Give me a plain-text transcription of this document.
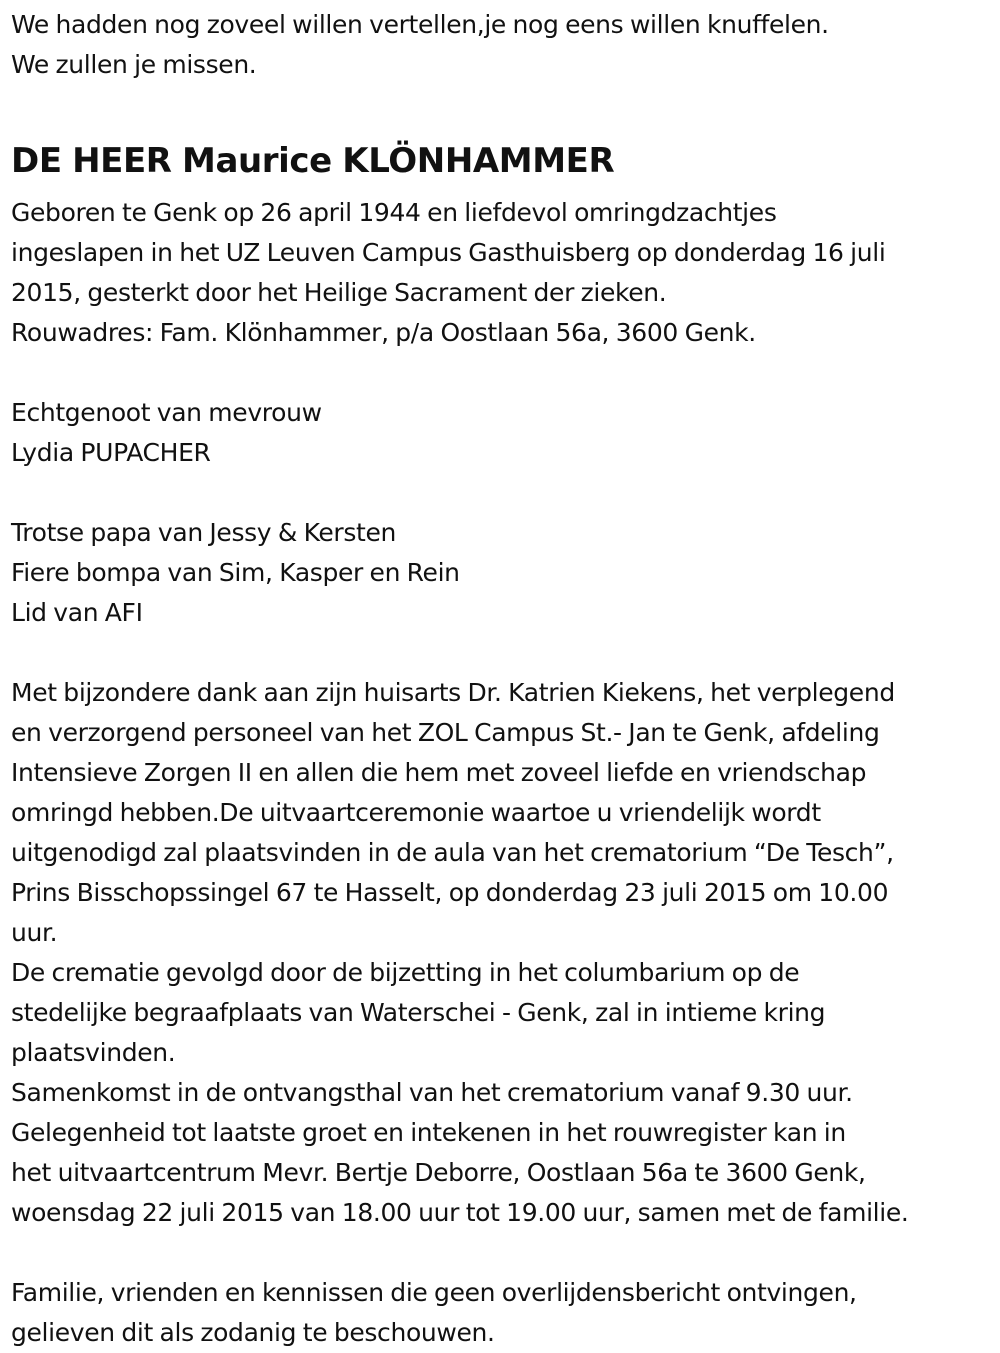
We hadden nog zoveel willen vertellen,je nog eens willen knuffelen.
We zullen je missen.
DE HEER Maurice KLÖNHAMMER
Geboren te Genk op 26 april 1944 en liefdevol omringdzachtjes
ingeslapen in het UZ Leuven Campus Gasthuisberg op donderdag 16 juli
2015, gesterkt door het Heilige Sacrament der zieken.
Rouwadres: Fam. Klönhammer, p/a Oostlaan 56a, 3600 Genk.
Echtgenoot van mevrouw
Lydia PUPACHER
Trotse papa van Jessy & Kersten
Fiere bompa van Sim, Kasper en Rein
Lid van AFI
Met bijzondere dank aan zijn huisarts Dr. Katrien Kiekens, het verplegend
en verzorgend personeel van het ZOL Campus St.- Jan te Genk, afdeling
Intensieve Zorgen II en allen die hem met zoveel liefde en vriendschap
omringd hebben.De uitvaartceremonie waartoe u vriendelijk wordt
uitgenodigd zal plaatsvinden in de aula van het crematorium “De Tesch”,
Prins Bisschopssingel 67 te Hasselt, op donderdag 23 juli 2015 om 10.00
uur.
De crematie gevolgd door de bijzetting in het columbarium op de
stedelijke begraafplaats van Waterschei - Genk, zal in intieme kring
plaatsvinden.
Samenkomst in de ontvangsthal van het crematorium vanaf 9.30 uur.
Gelegenheid tot laatste groet en intekenen in het rouwregister kan in
het uitvaartcentrum Mevr. Bertje Deborre, Oostlaan 56a te 3600 Genk,
woensdag 22 juli 2015 van 18.00 uur tot 19.00 uur, samen met de familie.
Familie, vrienden en kennissen die geen overlijdensbericht ontvingen,
gelieven dit als zodanig te beschouwen.
